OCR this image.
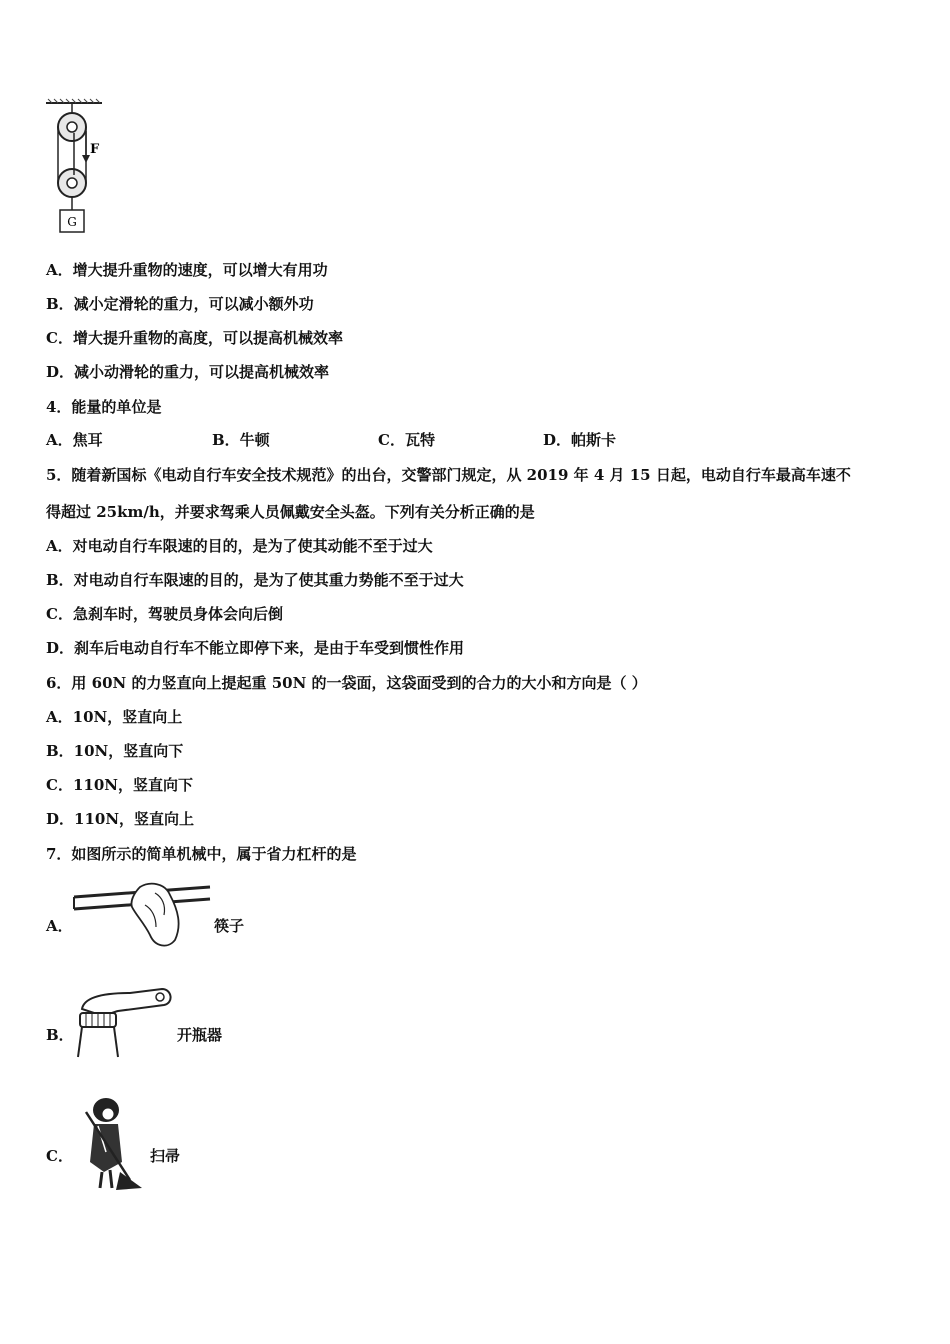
G
F
A．增大提升重物的速度，可以增大有用功
B．减小定滑轮的重力，可以减小额外功
C．增大提升重物的高度，可以提高机械效率
D．减小动滑轮的重力，可以提高机械效率
4．能量的单位是
A．焦耳	B．牛顿	C．瓦特	D．帕斯卡
5．随着新国标《电动自行车安全技术规范》的出台，交警部门规定，从 2019 年 4 月 15 日起，电动自行车最高车速不
得超过 25km/h，并要求驾乘人员佩戴安全头盔。下列有关分析正确的是
A．对电动自行车限速的目的，是为了使其动能不至于过大
B．对电动自行车限速的目的，是为了使其重力势能不至于过大
C．急刹车时，驾驶员身体会向后倒
D．刹车后电动自行车不能立即停下来，是由于车受到惯性作用
6．用 60N 的力竖直向上提起重 50N 的一袋面，这袋面受到的合力的大小和方向是（ ）
A．10N，竖直向上
B．10N，竖直向下
C．110N，竖直向下
D．110N，竖直向上
7．如图所示的简单机械中，属于省力杠杆的是
A．	筷子
B．	开瓶器
C．	扫帚
